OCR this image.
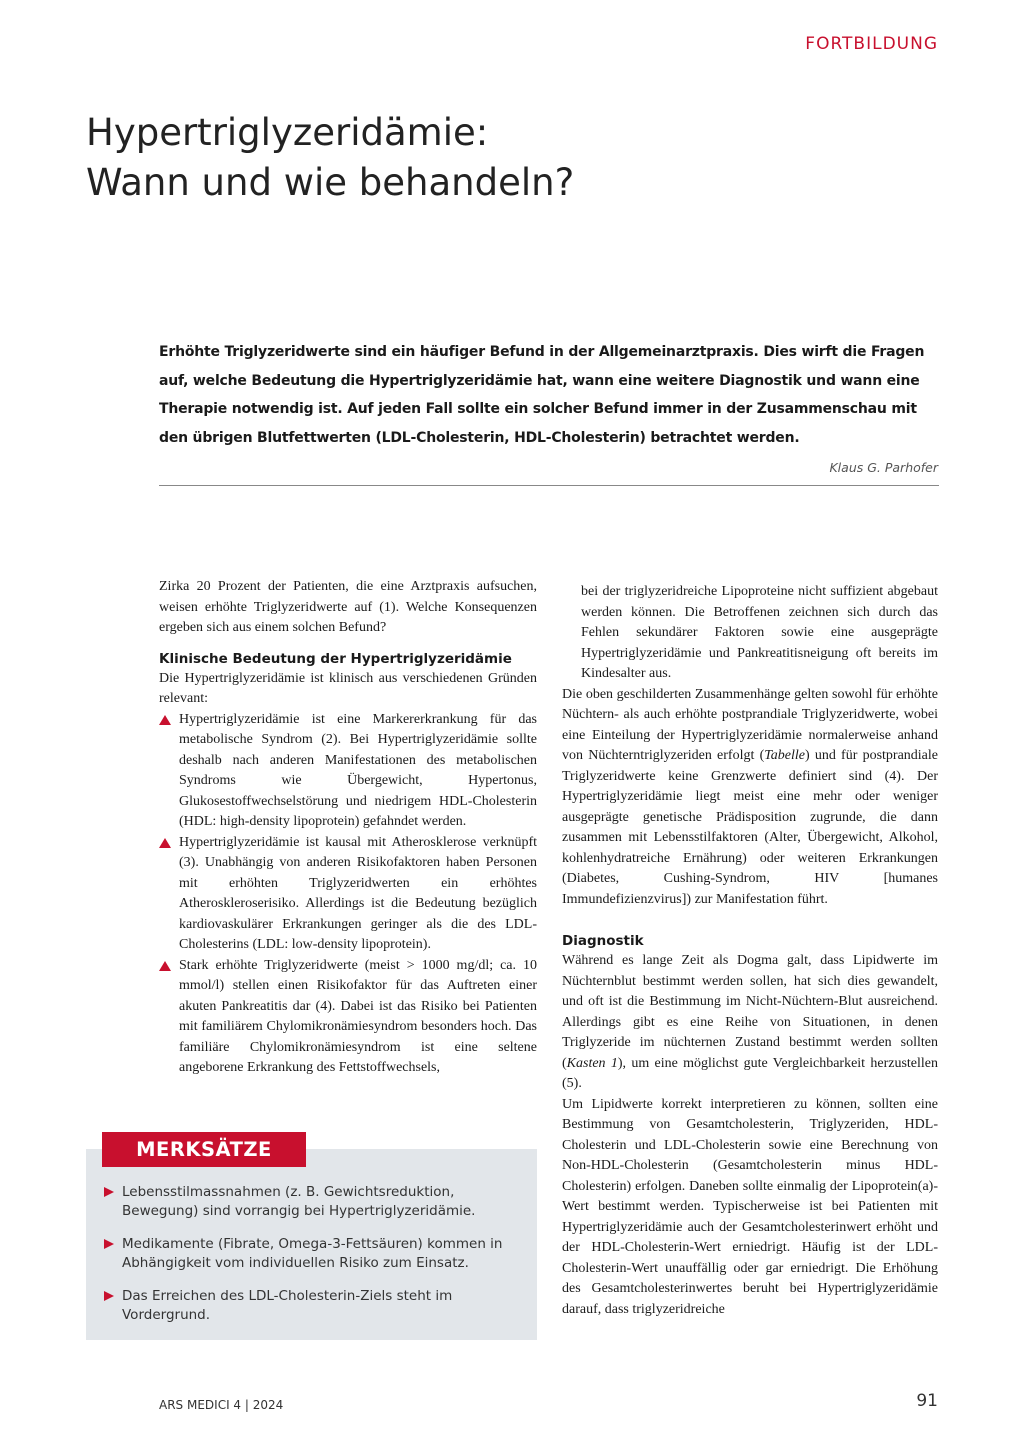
FORTBILDUNG
Hypertriglyzeridämie:
Wann und wie behandeln?

Erhöhte Triglyzeridwerte sind ein häufiger Befund in der Allgemeinarztpraxis. Dies wirft die Fragen auf, welche Bedeutung die Hypertriglyzeridämie hat, wann eine weitere Diagnostik und wann eine Therapie notwendig ist. Auf jeden Fall sollte ein solcher Befund immer in der Zusammenschau mit den übrigen Blutfettwerten (LDL-Cholesterin, HDL-Cholesterin) betrachtet werden.

Klaus G. Parhofer

Zirka 20 Prozent der Patienten, die eine Arztpraxis aufsuchen, weisen erhöhte Triglyzeridwerte auf (1). Welche Konsequenzen ergeben sich aus einem solchen Befund?

Klinische Bedeutung der Hypertriglyzeridämie

Die Hypertriglyzeridämie ist klinisch aus verschiedenen Gründen relevant:

Hypertriglyzeridämie ist eine Markererkrankung für das metabolische Syndrom (2). Bei Hypertriglyzeridämie sollte deshalb nach anderen Manifestationen des metabolischen Syndroms wie Übergewicht, Hypertonus, Glukosestoffwechselstörung und niedrigem HDL-Cholesterin (HDL: high-density lipoprotein) gefahndet werden.
Hypertriglyzeridämie ist kausal mit Atherosklerose verknüpft (3). Unabhängig von anderen Risikofaktoren haben Personen mit erhöhten Triglyzeridwerten ein erhöhtes Atheroskleroserisiko. Allerdings ist die Bedeutung bezüglich kardiovaskulärer Erkrankungen geringer als die des LDL-Cholesterins (LDL: low-density lipoprotein).
Stark erhöhte Triglyzeridwerte (meist > 1000 mg/dl; ca. 10 mmol/l) stellen einen Risikofaktor für das Auftreten einer akuten Pankreatitis dar (4). Dabei ist das Risiko bei Patienten mit familiärem Chylomikronämiesyndrom besonders hoch. Das familiäre Chylomikronämiesyndrom ist eine seltene angeborene Erkrankung des Fettstoffwechsels,

bei der triglyzeridreiche Lipoproteine nicht suffizient abgebaut werden können. Die Betroffenen zeichnen sich durch das Fehlen sekundärer Faktoren sowie eine ausgeprägte Hypertriglyzeridämie und Pankreatitisneigung oft bereits im Kindesalter aus.

Die oben geschilderten Zusammenhänge gelten sowohl für erhöhte Nüchtern- als auch erhöhte postprandiale Triglyzeridwerte, wobei eine Einteilung der Hypertriglyzeridämie normalerweise anhand von Nüchterntriglyzeriden erfolgt (Tabelle) und für postprandiale Triglyzeridwerte keine Grenzwerte definiert sind (4). Der Hypertriglyzeridämie liegt meist eine mehr oder weniger ausgeprägte genetische Prädisposition zugrunde, die dann zusammen mit Lebensstilfaktoren (Alter, Übergewicht, Alkohol, kohlenhydratreiche Ernährung) oder weiteren Erkrankungen (Diabetes, Cushing-Syndrom, HIV [humanes Immundefizienzvirus]) zur Manifestation führt.

Diagnostik

Während es lange Zeit als Dogma galt, dass Lipidwerte im Nüchternblut bestimmt werden sollen, hat sich dies gewandelt, und oft ist die Bestimmung im Nicht-Nüchtern-Blut ausreichend. Allerdings gibt es eine Reihe von Situationen, in denen Triglyzeride im nüchternen Zustand bestimmt werden sollten (Kasten 1), um eine möglichst gute Vergleichbarkeit herzustellen (5).

Um Lipidwerte korrekt interpretieren zu können, sollten eine Bestimmung von Gesamtcholesterin, Triglyzeriden, HDL-Cholesterin und LDL-Cholesterin sowie eine Berechnung von Non-HDL-Cholesterin (Gesamtcholesterin minus HDL-Cholesterin) erfolgen. Daneben sollte einmalig der Lipoprotein(a)-Wert bestimmt werden. Typischerweise ist bei Patienten mit Hypertriglyzeridämie auch der Gesamtcholesterinwert erhöht und der HDL-Cholesterin-Wert erniedrigt. Häufig ist der LDL-Cholesterin-Wert unauffällig oder gar erniedrigt. Die Erhöhung des Gesamtcholesterinwertes beruht bei Hypertriglyzeridämie darauf, dass triglyzeridreiche

MERKSÄTZE
Lebensstilmassnahmen (z. B. Gewichtsreduktion, Bewegung) sind vorrangig bei Hypertriglyzeridämie.
Medikamente (Fibrate, Omega-3-Fettsäuren) kommen in Abhängigkeit vom individuellen Risiko zum Einsatz.
Das Erreichen des LDL-Cholesterin-Ziels steht im Vordergrund.
ARS MEDICI 4 | 2024	91
